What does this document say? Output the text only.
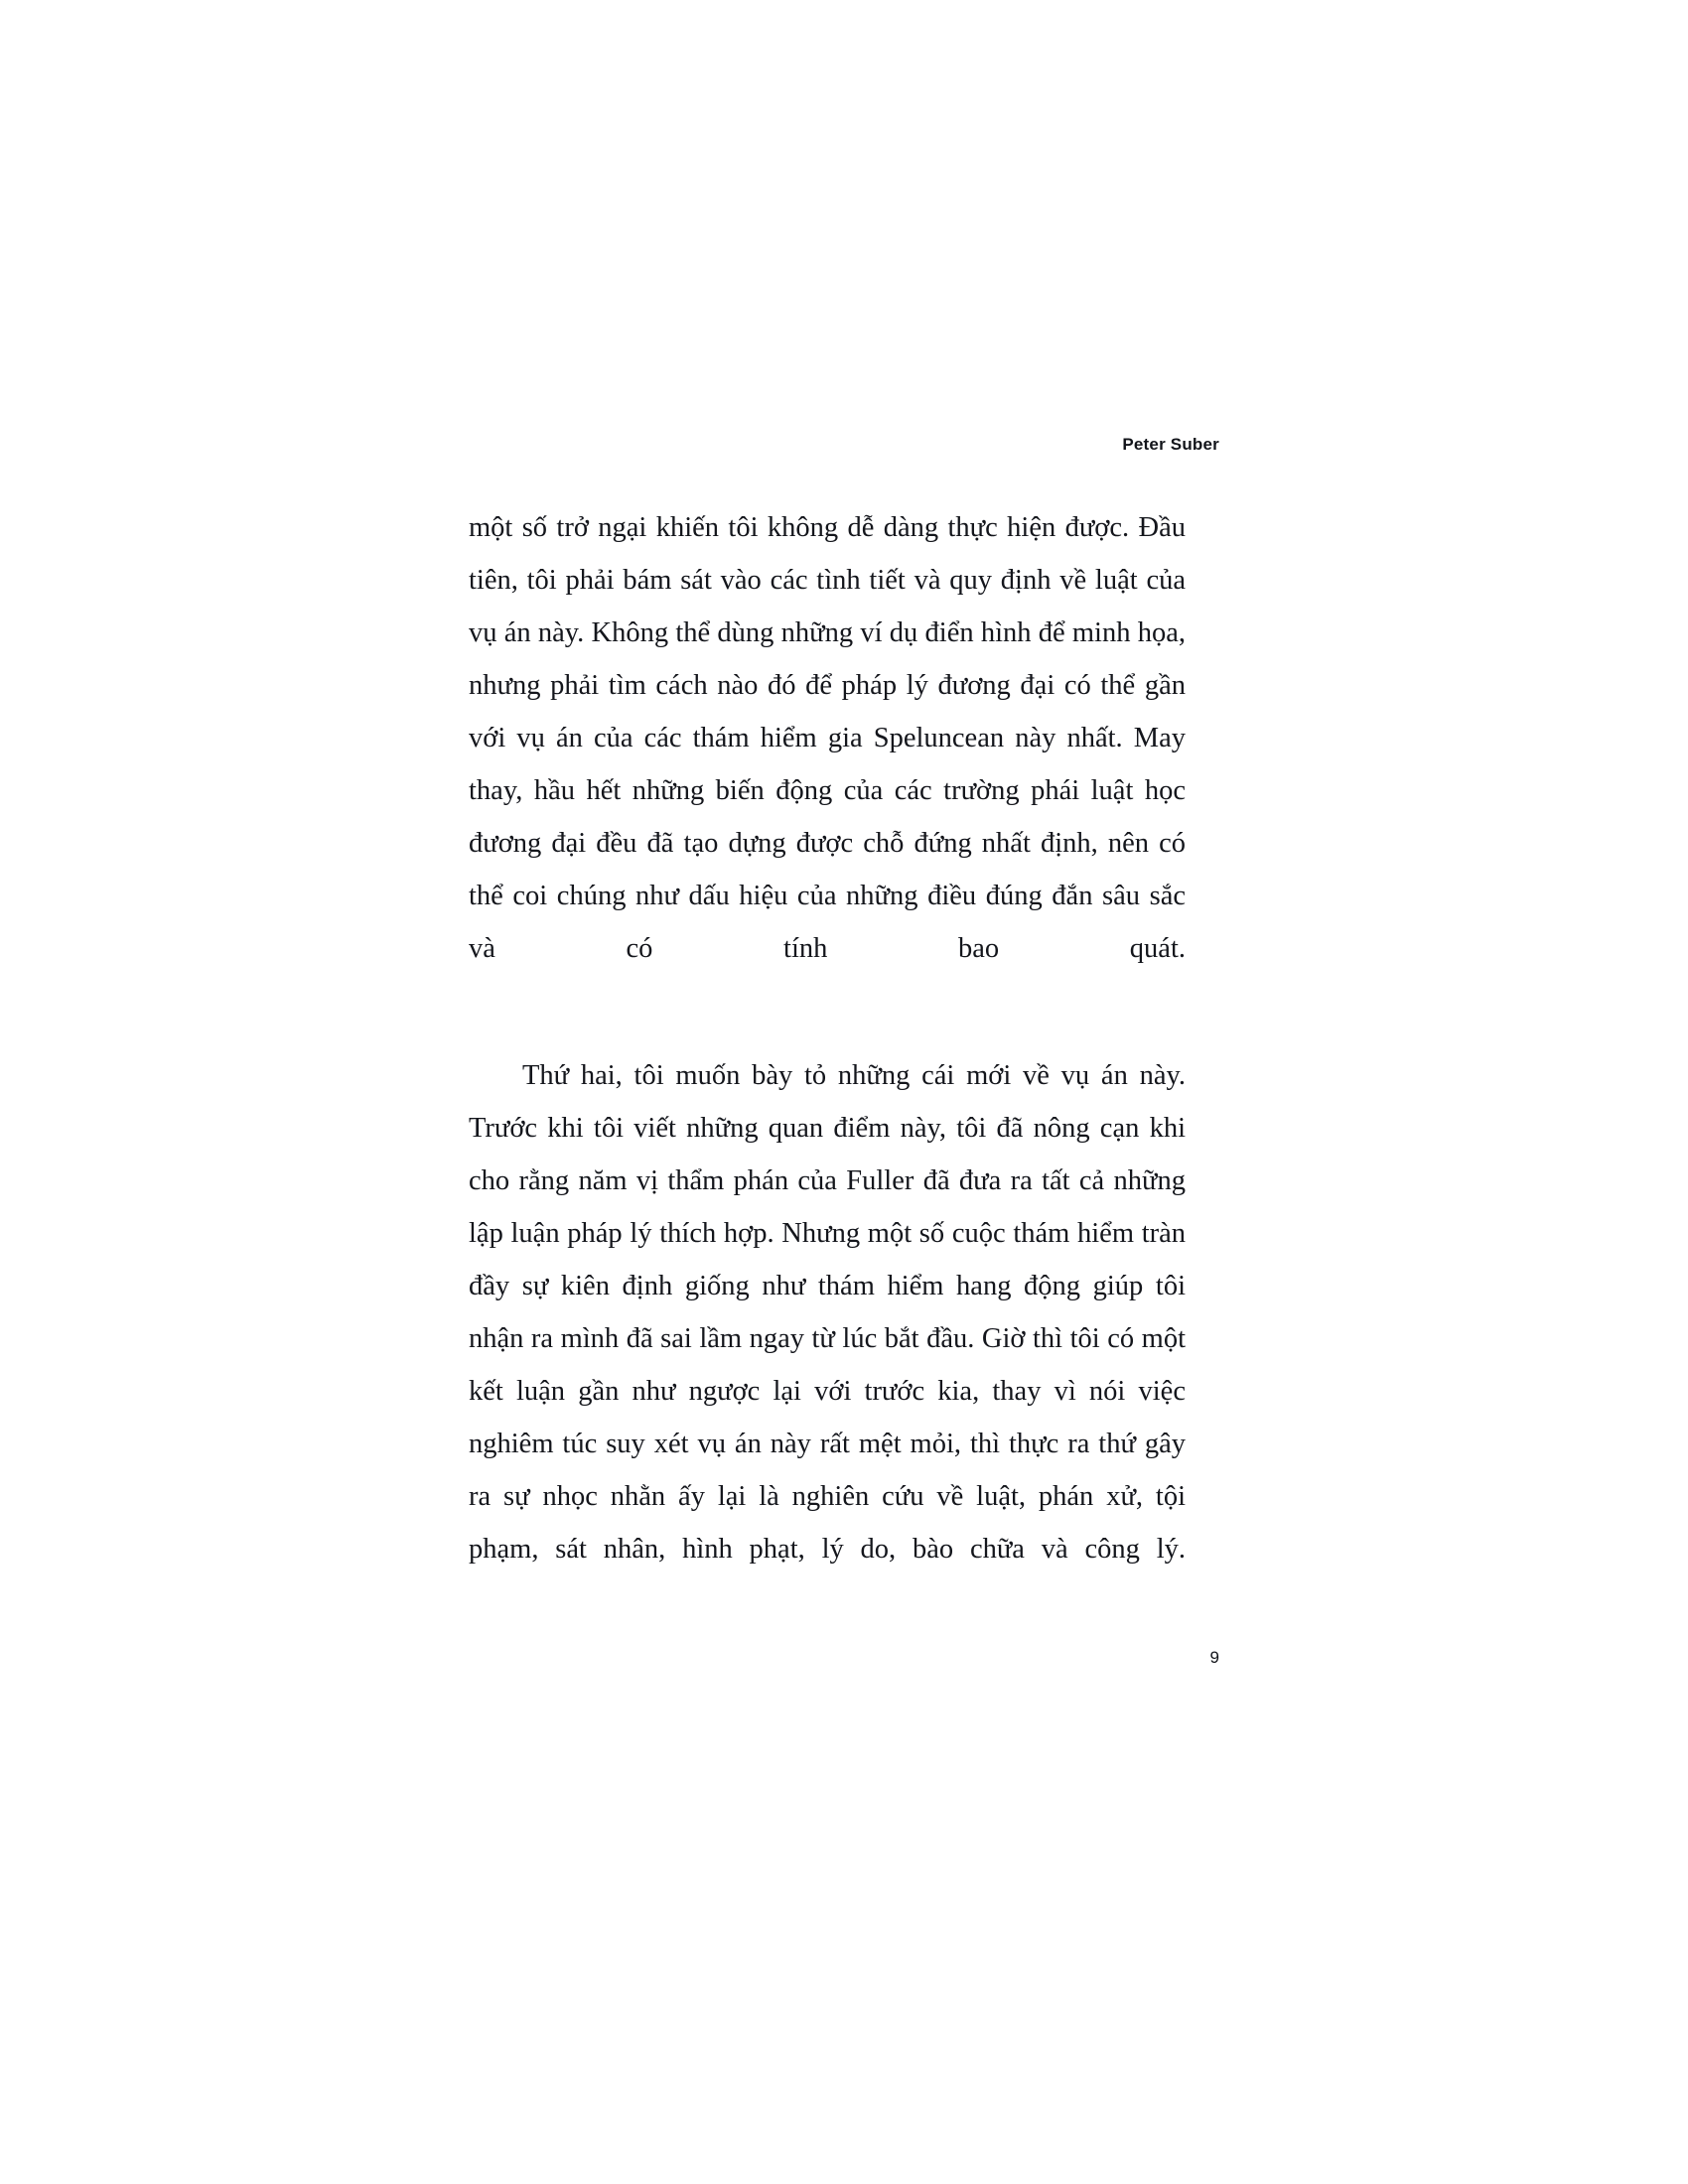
Peter Suber

một số trở ngại khiến tôi không dễ dàng thực hiện được. Đầu tiên, tôi phải bám sát vào các tình tiết và quy định về luật của vụ án này. Không thể dùng những ví dụ điển hình để minh họa, nhưng phải tìm cách nào đó để pháp lý đương đại có thể gần với vụ án của các thám hiểm gia Speluncean này nhất. May thay, hầu hết những biến động của các trường phái luật học đương đại đều đã tạo dựng được chỗ đứng nhất định, nên có thể coi chúng như dấu hiệu của những điều đúng đắn sâu sắc và có tính bao quát.

Thứ hai, tôi muốn bày tỏ những cái mới về vụ án này. Trước khi tôi viết những quan điểm này, tôi đã nông cạn khi cho rằng năm vị thẩm phán của Fuller đã đưa ra tất cả những lập luận pháp lý thích hợp. Nhưng một số cuộc thám hiểm tràn đầy sự kiên định giống như thám hiểm hang động giúp tôi nhận ra mình đã sai lầm ngay từ lúc bắt đầu. Giờ thì tôi có một kết luận gần như ngược lại với trước kia, thay vì nói việc nghiêm túc suy xét vụ án này rất mệt mỏi, thì thực ra thứ gây ra sự nhọc nhằn ấy lại là nghiên cứu về luật, phán xử, tội phạm, sát nhân, hình phạt, lý do, bào chữa và công lý.

9
